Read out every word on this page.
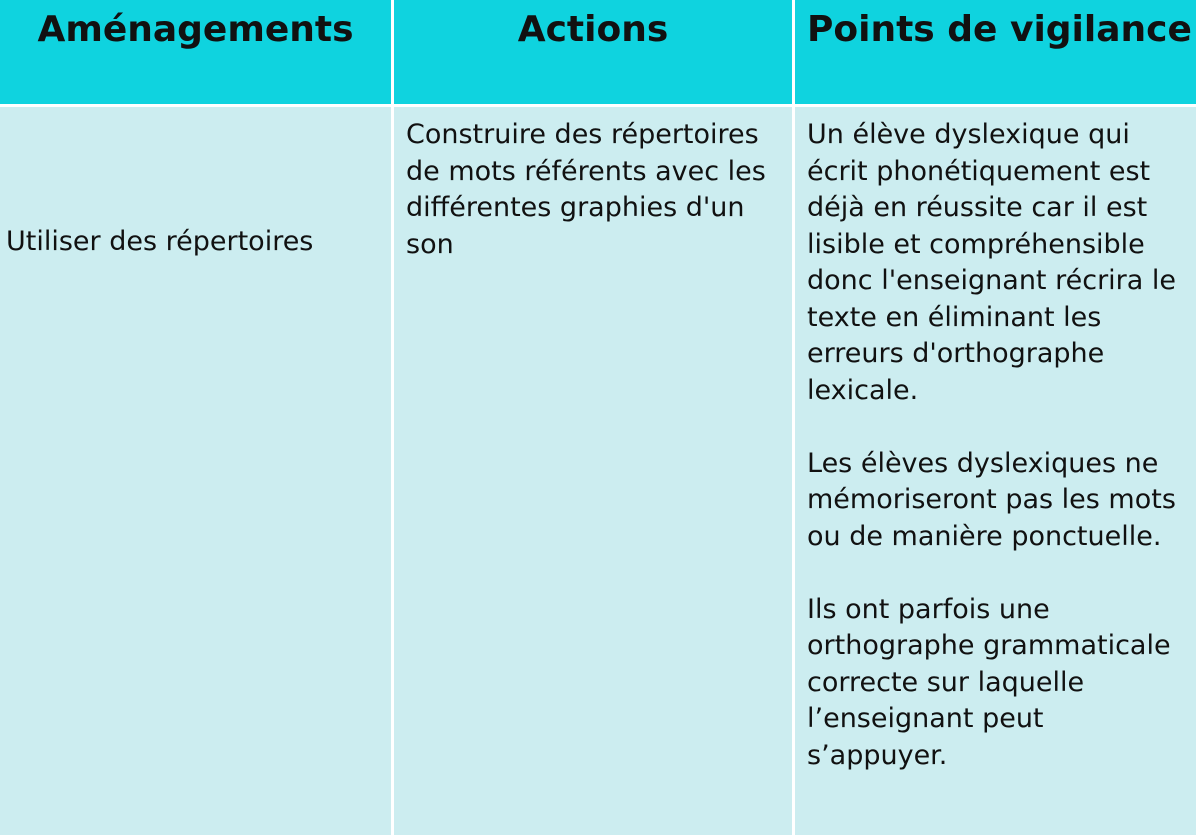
Aménagements	Actions	Points de vigilance
Utiliser des répertoires
Construire des répertoires de mots référents avec les différentes graphies d'un son

Un élève dyslexique qui écrit phonétiquement est déjà en réussite car il est lisible et compréhensible donc l'enseignant récrira le texte en éliminant les erreurs d'orthographe lexicale.

Les élèves dyslexiques ne mémoriseront pas les mots ou de manière ponctuelle.

Ils ont parfois une orthographe grammaticale correcte sur laquelle l’enseignant peut s’appuyer.
